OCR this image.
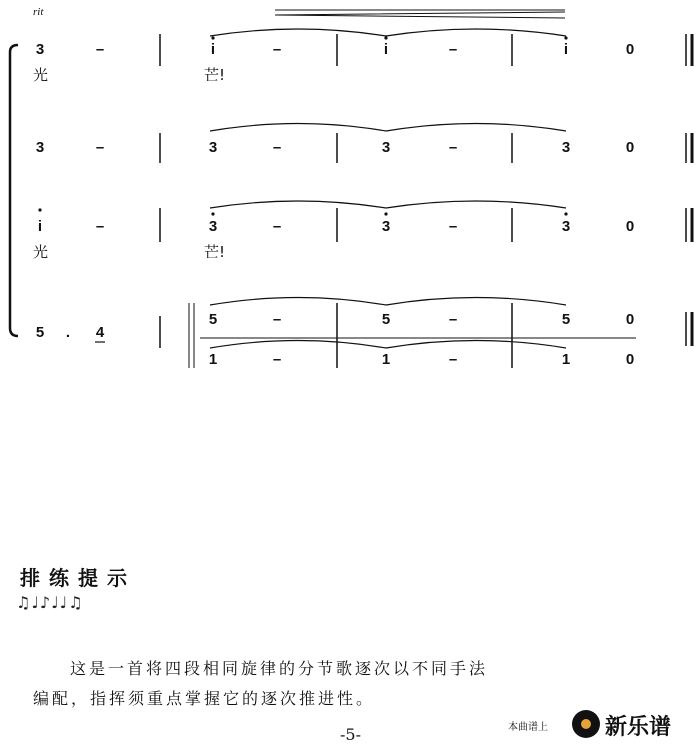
rit
3	–	i	–	i	–	i	0
光	芒!
3	–	3	–	3	–	3	0
i	–	3	–	3	–	3	0
光	芒!
5 . 4
5	–	5	–	5	0
1	–	1	–	1	0
排练提示
♫♩♪♩♩♫
这是一首将四段相同旋律的分节歌逐次以不同手法
编配，指挥须重点掌握它的逐次推进性。
-5-	本曲谱上	新乐谱
